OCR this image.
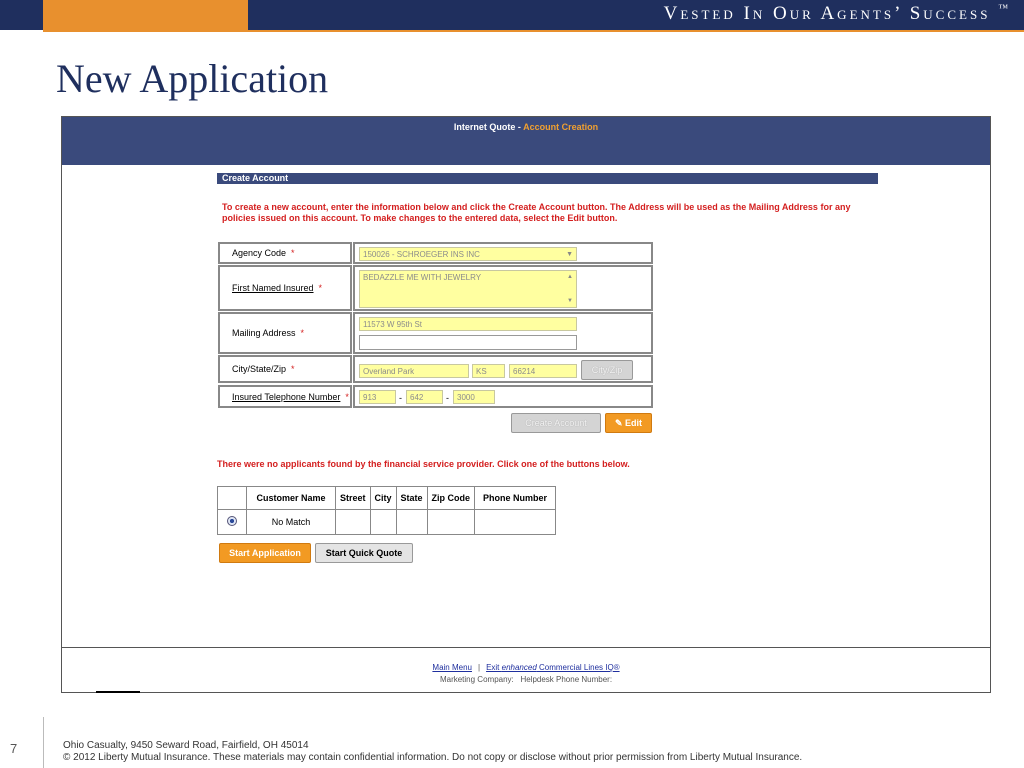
Vested In Our Agents’ Success ™
New Application
Internet Quote - Account Creation
Create Account

To create a new account, enter the information below and click the Create Account button. The Address will be used as the Mailing Address for any policies issued on this account. To make changes to the entered data, select the Edit button.

Agency Code *	150026 - SCHROEGER INS INC	▼
First Named Insured *
BEDAZZLE ME WITH JEWELRY	▲
▼
Mailing Address *
11573 W 95th St
City/State/Zip *	Overland Park	KS	66214	City/Zip
Insured Telephone Number *	913	-	642	-	3000
Create Account	✎ Edit
There were no applicants found by the financial service provider. Click one of the buttons below.
	Customer Name	Street	City	State	Zip Code	Phone Number
	No Match					
Start Application	Start Quick Quote
Main Menu | Exit enhanced Commercial Lines IQ®
Marketing Company: Helpdesk Phone Number:
7	Ohio Casualty, 9450 Seward Road, Fairfield, OH 45014
© 2012 Liberty Mutual Insurance. These materials may contain confidential information. Do not copy or disclose without prior permission from Liberty Mutual Insurance.
